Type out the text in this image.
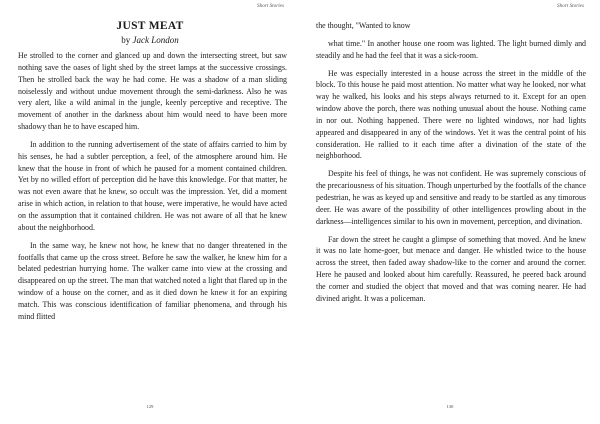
Short Stories
JUST MEAT
by Jack London

He strolled to the corner and glanced up and down the intersecting street, but saw nothing save the oases of light shed by the street lamps at the successive crossings. Then he strolled back the way he had come. He was a shadow of a man sliding noiselessly and without undue movement through the semi-darkness. Also he was very alert, like a wild animal in the jungle, keenly perceptive and receptive. The movement of another in the darkness about him would need to have been more shadowy than he to have escaped him.

In addition to the running advertisement of the state of affairs carried to him by his senses, he had a subtler perception, a feel, of the atmosphere around him. He knew that the house in front of which he paused for a moment contained children. Yet by no willed effort of perception did he have this knowledge. For that matter, he was not even aware that he knew, so occult was the impression. Yet, did a moment arise in which action, in relation to that house, were imperative, he would have acted on the assumption that it contained children. He was not aware of all that he knew about the neighborhood.

In the same way, he knew not how, he knew that no danger threatened in the footfalls that came up the cross street. Before he saw the walker, he knew him for a belated pedestrian hurrying home. The walker came into view at the crossing and disappeared on up the street. The man that watched noted a light that flared up in the window of a house on the corner, and as it died down he knew it for an expiring match. This was conscious identification of familiar phenomena, and through his mind flitted

129
Short Stories

the thought, "Wanted to know

what time." In another house one room was lighted. The light burned dimly and steadily and he had the feel that it was a sick-room.

He was especially interested in a house across the street in the middle of the block. To this house he paid most attention. No matter what way he looked, nor what way he walked, his looks and his steps always returned to it. Except for an open window above the porch, there was nothing unusual about the house. Nothing came in nor out. Nothing happened. There were no lighted windows, nor had lights appeared and disappeared in any of the windows. Yet it was the central point of his consideration. He rallied to it each time after a divination of the state of the neighborhood.

Despite his feel of things, he was not confident. He was supremely conscious of the precariousness of his situation. Though unperturbed by the footfalls of the chance pedestrian, he was as keyed up and sensitive and ready to be startled as any timorous deer. He was aware of the possibility of other intelligences prowling about in the darkness—intelligences similar to his own in movement, perception, and divination.

Far down the street he caught a glimpse of something that moved. And he knew it was no late home-goer, but menace and danger. He whistled twice to the house across the street, then faded away shadow-like to the corner and around the corner. Here he paused and looked about him carefully. Reassured, he peered back around the corner and studied the object that moved and that was coming nearer. He had divined aright. It was a policeman.

130
